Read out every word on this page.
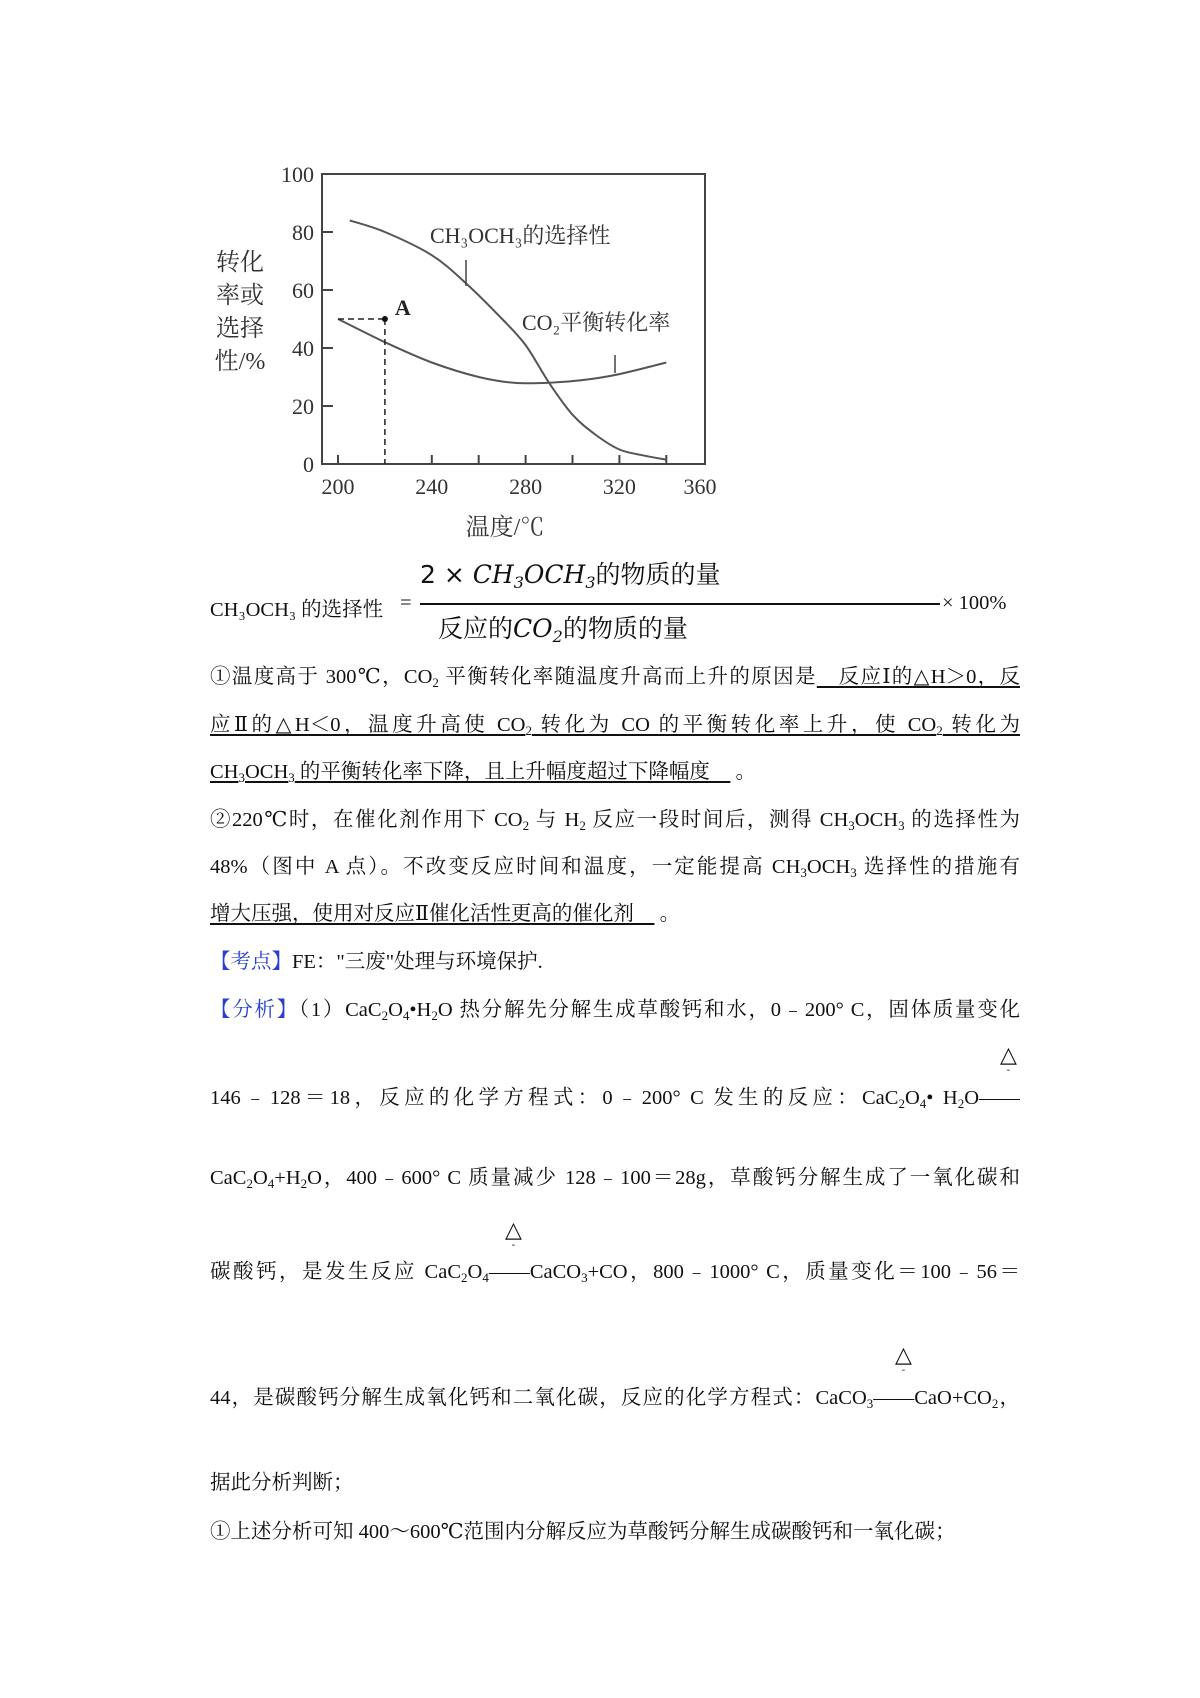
0
20
40
60
80
100
200	240	280	320 360
转化
率或
选择
性/%
温度/℃
CH₃OCH₃的选择性
CO₂平衡转化率
A
CH₃OCH₃ 的选择性 =
$2 \times CH_3OCH_3$的物质的量
反应的$CO_2$的物质的量
× 100%
①温度高于 300℃，$CO_2$ 平衡转化率随温度升高而上升的原因是　反应Ⅰ的△H＞0，反
应Ⅱ的△H＜0，温度升高使 $CO_2$ 转化为 CO 的平衡转化率上升，使 $CO_2$ 转化为
$CH_3OCH_3$ 的平衡转化率下降，且上升幅度超过下降幅度　 。
②220℃时，在催化剂作用下 $CO_2$ 与 $H_2$ 反应一段时间后，测得 $CH_3OCH_3$ 的选择性为
48%（图中 A 点）。不改变反应时间和温度，一定能提高 $CH_3OCH_3$ 选择性的措施有
增大压强，使用对反应Ⅱ催化活性更高的催化剂　 。
【考点】FE："三废"处理与环境保护.
【分析】$(1)CaC_2O_4•H_2O$ 热分解先分解生成草酸钙和水，0﹣200° C，固体质量变化
146﹣128＝18，反应的化学方程式：0﹣200° C 发生的反应：$CaC_2O_4•$ $H_2O——$
$CaC_2O_4+H_2O$，400﹣600° C 质量减少 128﹣100＝28g，草酸钙分解生成了一氧化碳和
碳酸钙，是发生反应 $CaC_2O_4——CaCO_3+CO$，800﹣1000° C，质量变化＝100﹣56＝
44，是碳酸钙分解生成氧化钙和二氧化碳，反应的化学方程式：$CaCO_3——CaO+CO_2$，
据此分析判断；
①上述分析可知 400～600℃范围内分解反应为草酸钙分解生成碳酸钙和一氧化碳；
△
-
△
-
△
-
